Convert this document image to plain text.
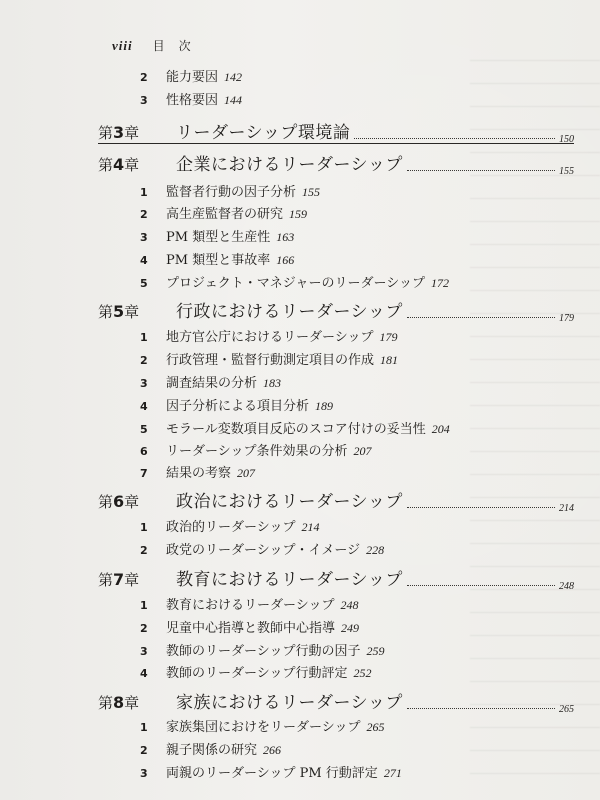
viii 目次
2	能力要因 142
3	性格要因 144
第3章	リーダーシップ環境論	150
第4章	企業におけるリーダーシップ	155
1	監督者行動の因子分析 155
2	高生産監督者の研究 159
3	PM 類型と生産性 163
4	PM 類型と事故率 166
5	プロジェクト・マネジャーのリーダーシップ 172
第5章	行政におけるリーダーシップ	179
1	地方官公庁におけるリーダーシップ 179
2	行政管理・監督行動測定項目の作成 181
3	調査結果の分析 183
4	因子分析による項目分析 189
5	モラール変数項目反応のスコア付けの妥当性 204
6	リーダーシップ条件効果の分析 207
7	結果の考察 207
第6章	政治におけるリーダーシップ	214
1	政治的リーダーシップ 214
2	政党のリーダーシップ・イメージ 228
第7章	教育におけるリーダーシップ	248
1	教育におけるリーダーシップ 248
2	児童中心指導と教師中心指導 249
3	教師のリーダーシップ行動の因子 259
4	教師のリーダーシップ行動評定 252
第8章	家族におけるリーダーシップ	265
1	家族集団におけをリーダーシップ 265
2	親子関係の研究 266
3	両親のリーダーシップ PM 行動評定 271
